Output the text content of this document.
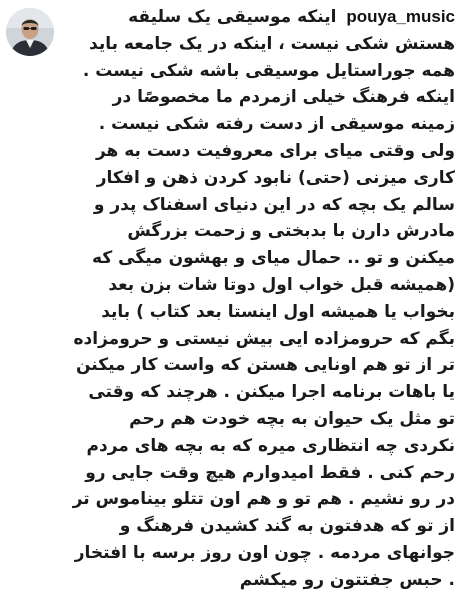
pouya_music اینکه موسیقی یک سلیقه
هستش شکی نیست ، اینکه در یک جامعه باید
همه جوراستایل موسیقی باشه شکی نیست .
اینکه فرهنگ خیلی ازمردم ما مخصوصًا در
زمینه موسیقی از دست رفته شکی نیست .
ولی وقتی میای برای معروفیت دست به هر
کاری میزنی (حتی) نابود کردن ذهن و افکار
سالم یک بچه که در این دنیای اسفناک پدر و
مادرش دارن با بدبختی و زحمت بزرگش
میکنن و تو .. حمال میای و بهشون میگی که
(همیشه قبل خواب اول دوتا شات بزن بعد
بخواب یا همیشه اول اینستا بعد کتاب ) باید
بگم که حرومزاده ایی بیش نیستی و حرومزاده
تر از تو هم اونایی هستن که واست کار میکنن
یا باهات برنامه اجرا میکنن . هرچند که وقتی
تو مثل یک حیوان به بچه خودت هم رحم
نکردی چه انتظاری میره که به بچه های مردم
رحم کنی . فقط امیدوارم هیچ وقت جایی رو
در رو نشیم . هم تو و هم اون تتلو بیناموس تر
از تو که هدفتون به گند کشیدن فرهنگ و
جوانهای مردمه . چون اون روز برسه با افتخار
. حبس جفتتون رو میکشم
